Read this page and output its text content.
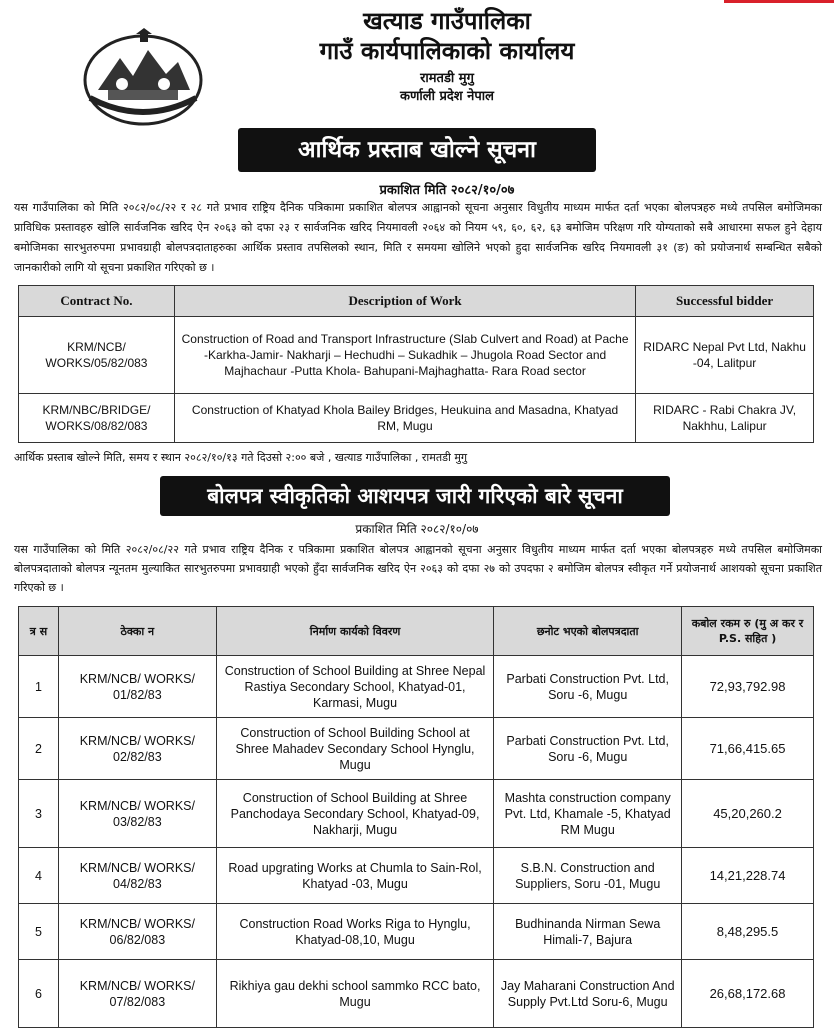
खत्याड गाउँपालिका
गाउँ कार्यपालिकाको कार्यालय
रामतडी मुगु
कर्णाली प्रदेश नेपाल
आर्थिक प्रस्ताब खोल्ने सूचना
प्रकाशित मिति २०८२/१०/०७
यस गाउँपालिका को मिति २०८२/०८/२२ र २८ गते प्रभाव राष्ट्रिय दैनिक पत्रिकामा प्रकाशित बोलपत्र आह्वानको सूचना अनुसार विधुतीय माध्यम मार्फत दर्ता भएका बोलपत्रहरु मध्ये तपसिल बमोजिमका प्राविधिक प्रस्तावहरु खोलि सार्वजनिक खरिद ऐन २०६३ को दफा २३ र सार्वजनिक खरिद नियमावली २०६४ को नियम ५९, ६०, ६२, ६३ बमोजिम परिक्षण गरि योग्यताको सबै आधारमा सफल हुने देहाय बमोजिमका सारभुतरुपमा प्रभावग्राही बोलपत्रदाताहरुका आर्थिक प्रस्ताव तपसिलको स्थान, मिति र समयमा खोलिने भएको हुदा सार्वजनिक खरिद नियमावली ३१ (ङ) को प्रयोजनार्थ सम्बन्धित सबैको जानकारीको लागि यो सूचना प्रकाशित गरिएको छ ।
Contract No.	Description of Work	Successful bidder
KRM/NCB/ WORKS/05/82/083	Construction of Road and Transport Infrastructure (Slab Culvert and Road) at Pache -Karkha-Jamir- Nakharji – Hechudhi – Sukadhik – Jhugola Road Sector and Majhachaur -Putta Khola- Bahupani-Majhaghatta- Rara Road sector	RIDARC Nepal Pvt Ltd, Nakhu -04, Lalitpur
KRM/NBC/BRIDGE/ WORKS/08/82/083	Construction of Khatyad Khola Bailey Bridges, Heukuina and Masadna, Khatyad RM, Mugu	RIDARC - Rabi Chakra JV, Nakhhu, Lalipur
आर्थिक प्रस्ताब खोल्ने मिति, समय र स्थान २०८२/१०/१३ गते दिउसो २:०० बजे , खत्याड गाउँपालिका , रामतडी मुगु
बोलपत्र स्वीकृतिको आशयपत्र जारी गरिएको बारे सूचना
प्रकाशित मिति २०८२/१०/०७
यस गाउँपालिका को मिति २०८२/०८/२२ गते प्रभाव राष्ट्रिय दैनिक र पत्रिकामा प्रकाशित बोलपत्र आह्वानको सूचना अनुसार विधुतीय माध्यम मार्फत दर्ता भएका बोलपत्रहरु मध्ये तपसिल बमोजिमका बोलपत्रदाताको बोलपत्र न्यूनतम मुल्याकित सारभुतरुपमा प्रभावग्राही भएको हुँदा सार्वजनिक खरिद ऐन २०६३ को दफा २७ को उपदफा २ बमोजिम बोलपत्र स्वीकृत गर्ने प्रयोजनार्थ आशयको सूचना प्रकाशित गरिएको छ ।
त्र स	ठेक्का न	निर्माण कार्यको विवरण	छनोट भएको बोलपत्रदाता	कबोल रकम रु (मु अ कर र P.S. सहित )
1	KRM/NCB/ WORKS/ 01/82/83	Construction of School Building at Shree Nepal Rastiya Secondary School, Khatyad-01, Karmasi, Mugu	Parbati Construction Pvt. Ltd, Soru -6, Mugu	72,93,792.98
2	KRM/NCB/ WORKS/ 02/82/83	Construction of School Building School at Shree Mahadev Secondary School Hynglu, Mugu	Parbati Construction Pvt. Ltd, Soru -6, Mugu	71,66,415.65
3	KRM/NCB/ WORKS/ 03/82/83	Construction of School Building at Shree Panchodaya Secondary School, Khatyad-09, Nakharji, Mugu	Mashta construction company Pvt. Ltd, Khamale -5, Khatyad RM Mugu	45,20,260.2
4	KRM/NCB/ WORKS/ 04/82/83	Road upgrating Works at Chumla to Sain-Rol, Khatyad -03, Mugu	S.B.N. Construction and Suppliers, Soru -01, Mugu	14,21,228.74
5	KRM/NCB/ WORKS/ 06/82/083	Construction Road Works Riga to Hynglu, Khatyad-08,10, Mugu	Budhinanda Nirman Sewa Himali-7, Bajura	8,48,295.5
6	KRM/NCB/ WORKS/ 07/82/083	Rikhiya gau dekhi school sammko RCC bato, Mugu	Jay Maharani Construction And Supply Pvt.Ltd Soru-6, Mugu	26,68,172.68
